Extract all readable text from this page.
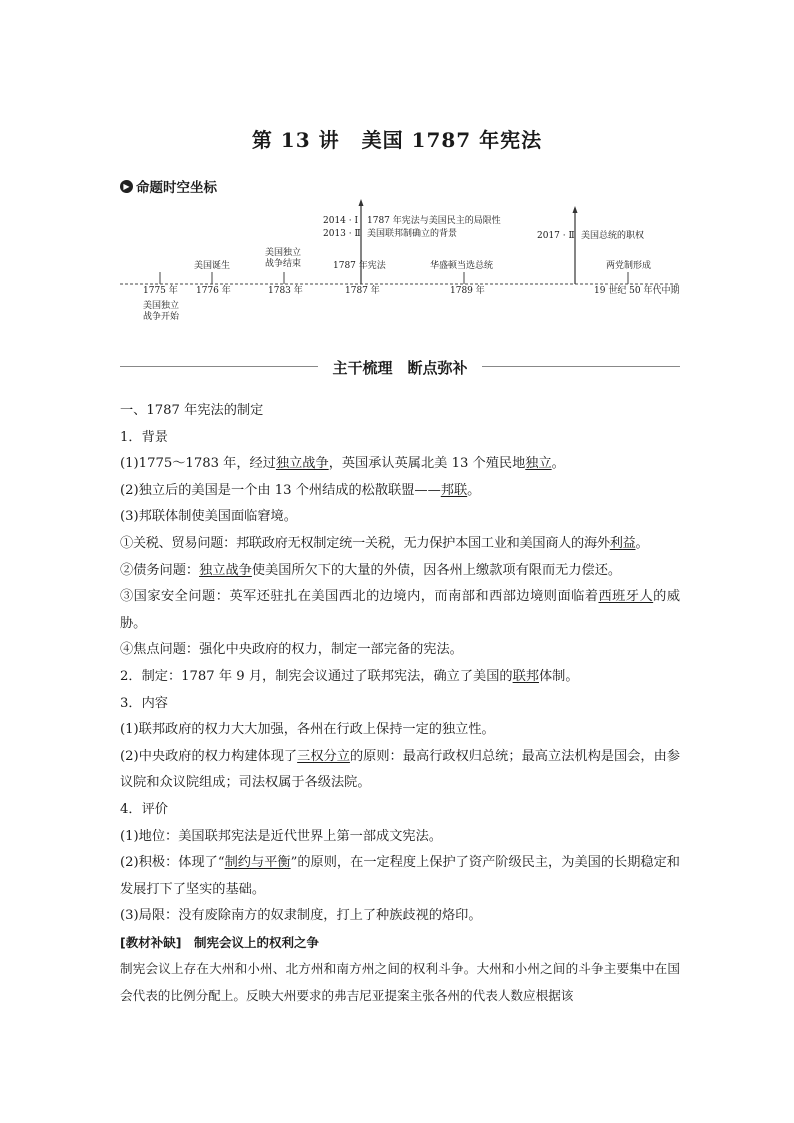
第 13 讲 美国 1787 年宪法
▶ 命题时空坐标
1775 年
美国独立
战争开始
美国诞生
1776 年
美国独立
战争结束
1783 年
2014 · Ⅰ
2013 · Ⅱ
1787 年宪法与美国民主的局限性
美国联邦制确立的背景
1787 年宪法
1787 年
华盛顿当选总统
1789 年
2017 · Ⅱ 美国总统的职权
两党制形成
19 世纪 50 年代中期
主干梳理　断点弥补

一、1787 年宪法的制定

1．背景

(1)1775～1783 年，经过独立战争，英国承认英属北美 13 个殖民地独立。

(2)独立后的美国是一个由 13 个州结成的松散联盟——邦联。

(3)邦联体制使美国面临窘境。

①关税、贸易问题：邦联政府无权制定统一关税，无力保护本国工业和美国商人的海外利益。

②债务问题：独立战争使美国所欠下的大量的外债，因各州上缴款项有限而无力偿还。

③国家安全问题：英军还驻扎在美国西北的边境内，而南部和西部边境则面临着西班牙人的威胁。

④焦点问题：强化中央政府的权力，制定一部完备的宪法。

2．制定：1787 年 9 月，制宪会议通过了联邦宪法，确立了美国的联邦体制。

3．内容

(1)联邦政府的权力大大加强，各州在行政上保持一定的独立性。

(2)中央政府的权力构建体现了三权分立的原则：最高行政权归总统；最高立法机构是国会，由参议院和众议院组成；司法权属于各级法院。

4．评价

(1)地位：美国联邦宪法是近代世界上第一部成文宪法。

(2)积极：体现了“制约与平衡”的原则，在一定程度上保护了资产阶级民主，为美国的长期稳定和发展打下了坚实的基础。

(3)局限：没有废除南方的奴隶制度，打上了种族歧视的烙印。

[教材补缺]　 制宪会议上的权利之争

制宪会议上存在大州和小州、北方州和南方州之间的权利斗争。大州和小州之间的斗争主要集中在国会代表的比例分配上。反映大州要求的弗吉尼亚提案主张各州的代表人数应根据该
